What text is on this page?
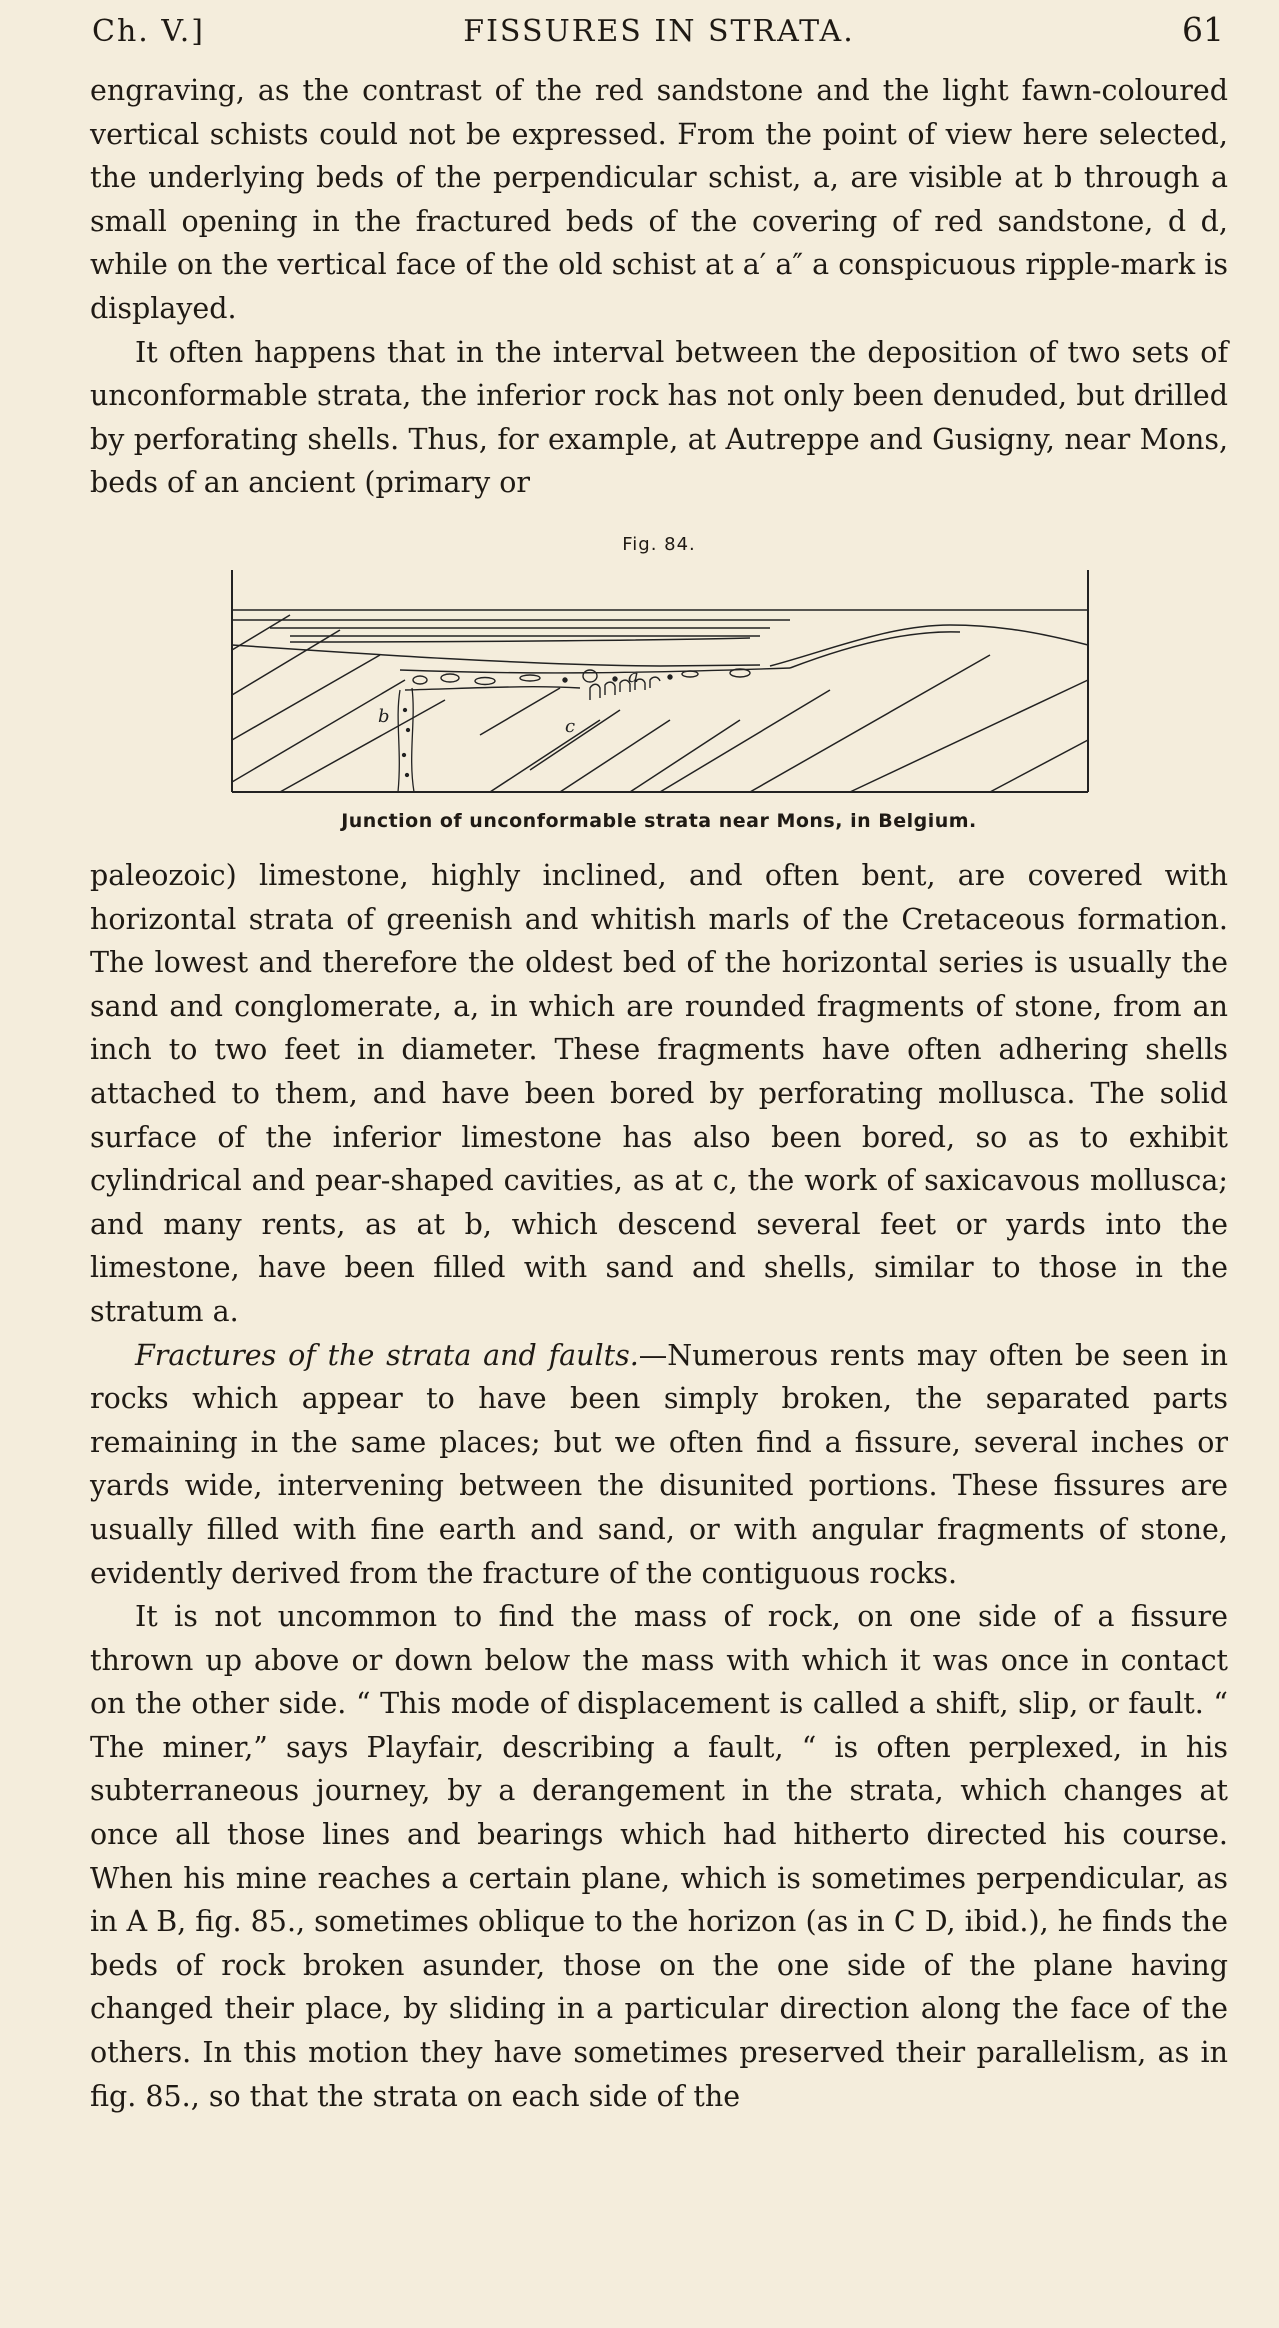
Ch. V.]	FISSURES IN STRATA.	61

engraving, as the contrast of the red sandstone and the light fawn-coloured vertical schists could not be expressed. From the point of view here selected, the underlying beds of the perpendicular schist, a, are visible at b through a small opening in the fractured beds of the covering of red sandstone, d d, while on the vertical face of the old schist at a′ a″ a conspicuous ripple-mark is displayed.

It often happens that in the interval between the deposition of two sets of unconformable strata, the inferior rock has not only been denuded, but drilled by perforating shells. Thus, for example, at Autreppe and Gusigny, near Mons, beds of an ancient (primary or

Fig. 84.
a
b	c
Junction of unconformable strata near Mons, in Belgium.

paleozoic) limestone, highly inclined, and often bent, are covered with horizontal strata of greenish and whitish marls of the Cretaceous formation. The lowest and therefore the oldest bed of the horizontal series is usually the sand and conglomerate, a, in which are rounded fragments of stone, from an inch to two feet in diameter. These fragments have often adhering shells attached to them, and have been bored by perforating mollusca. The solid surface of the inferior limestone has also been bored, so as to exhibit cylindrical and pear-shaped cavities, as at c, the work of saxicavous mollusca; and many rents, as at b, which descend several feet or yards into the limestone, have been filled with sand and shells, similar to those in the stratum a.

Fractures of the strata and faults.—Numerous rents may often be seen in rocks which appear to have been simply broken, the separated parts remaining in the same places; but we often find a fissure, several inches or yards wide, intervening between the disunited portions. These fissures are usually filled with fine earth and sand, or with angular fragments of stone, evidently derived from the fracture of the contiguous rocks.

It is not uncommon to find the mass of rock, on one side of a fissure thrown up above or down below the mass with which it was once in contact on the other side. “ This mode of displacement is called a shift, slip, or fault. “ The miner,” says Playfair, describing a fault, “ is often perplexed, in his subterraneous journey, by a derangement in the strata, which changes at once all those lines and bearings which had hitherto directed his course. When his mine reaches a certain plane, which is sometimes perpendicular, as in A B, fig. 85., sometimes oblique to the horizon (as in C D, ibid.), he finds the beds of rock broken asunder, those on the one side of the plane having changed their place, by sliding in a particular direction along the face of the others. In this motion they have sometimes preserved their parallelism, as in fig. 85., so that the strata on each side of the
